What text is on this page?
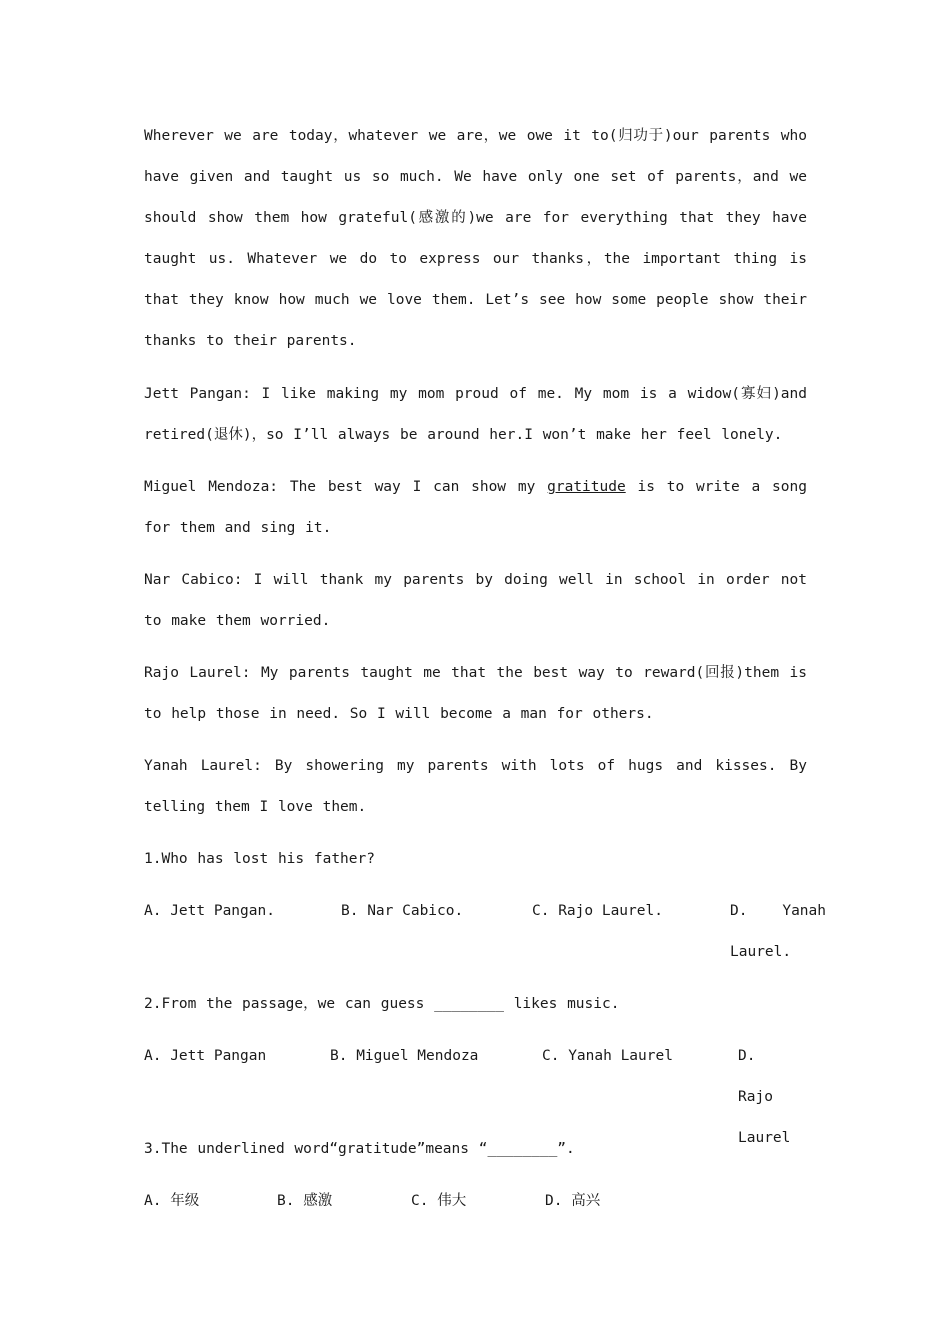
Wherever we are today，whatever we are，we owe it to(归功于)our parents who have given and taught us so much. We have only one set of parents，and we should show them how grateful(感激的)we are for everything that they have taught us. Whatever we do to express our thanks，the important thing is that they know how much we love them. Let’s see how some people show their thanks to their parents.
Jett Pangan: I like making my mom proud of me. My mom is a widow(寡妇)and retired(退休)，so I’ll always be around her.I won’t make her feel lonely.
Miguel Mendoza: The best way I can show my gratitude is to write a song for them and sing it.
Nar Cabico: I will thank my parents by doing well in school in order not to make them worried.
Rajo Laurel: My parents taught me that the best way to reward(回报)them is to help those in need. So I will become a man for others.
Yanah Laurel: By showering my parents with lots of hugs and kisses. By telling them I love them.
1.Who has lost his father?
A. Jett Pangan.	B. Nar Cabico.	C. Rajo Laurel.	D. Yanah Laurel.
2.From the passage，we can guess ________ likes music.
A. Jett Pangan	B. Miguel Mendoza	C. Yanah Laurel	D. Rajo Laurel
3.The underlined word“gratitude”means “________”.
A. 年级	B. 感激	C. 伟大	D. 高兴
